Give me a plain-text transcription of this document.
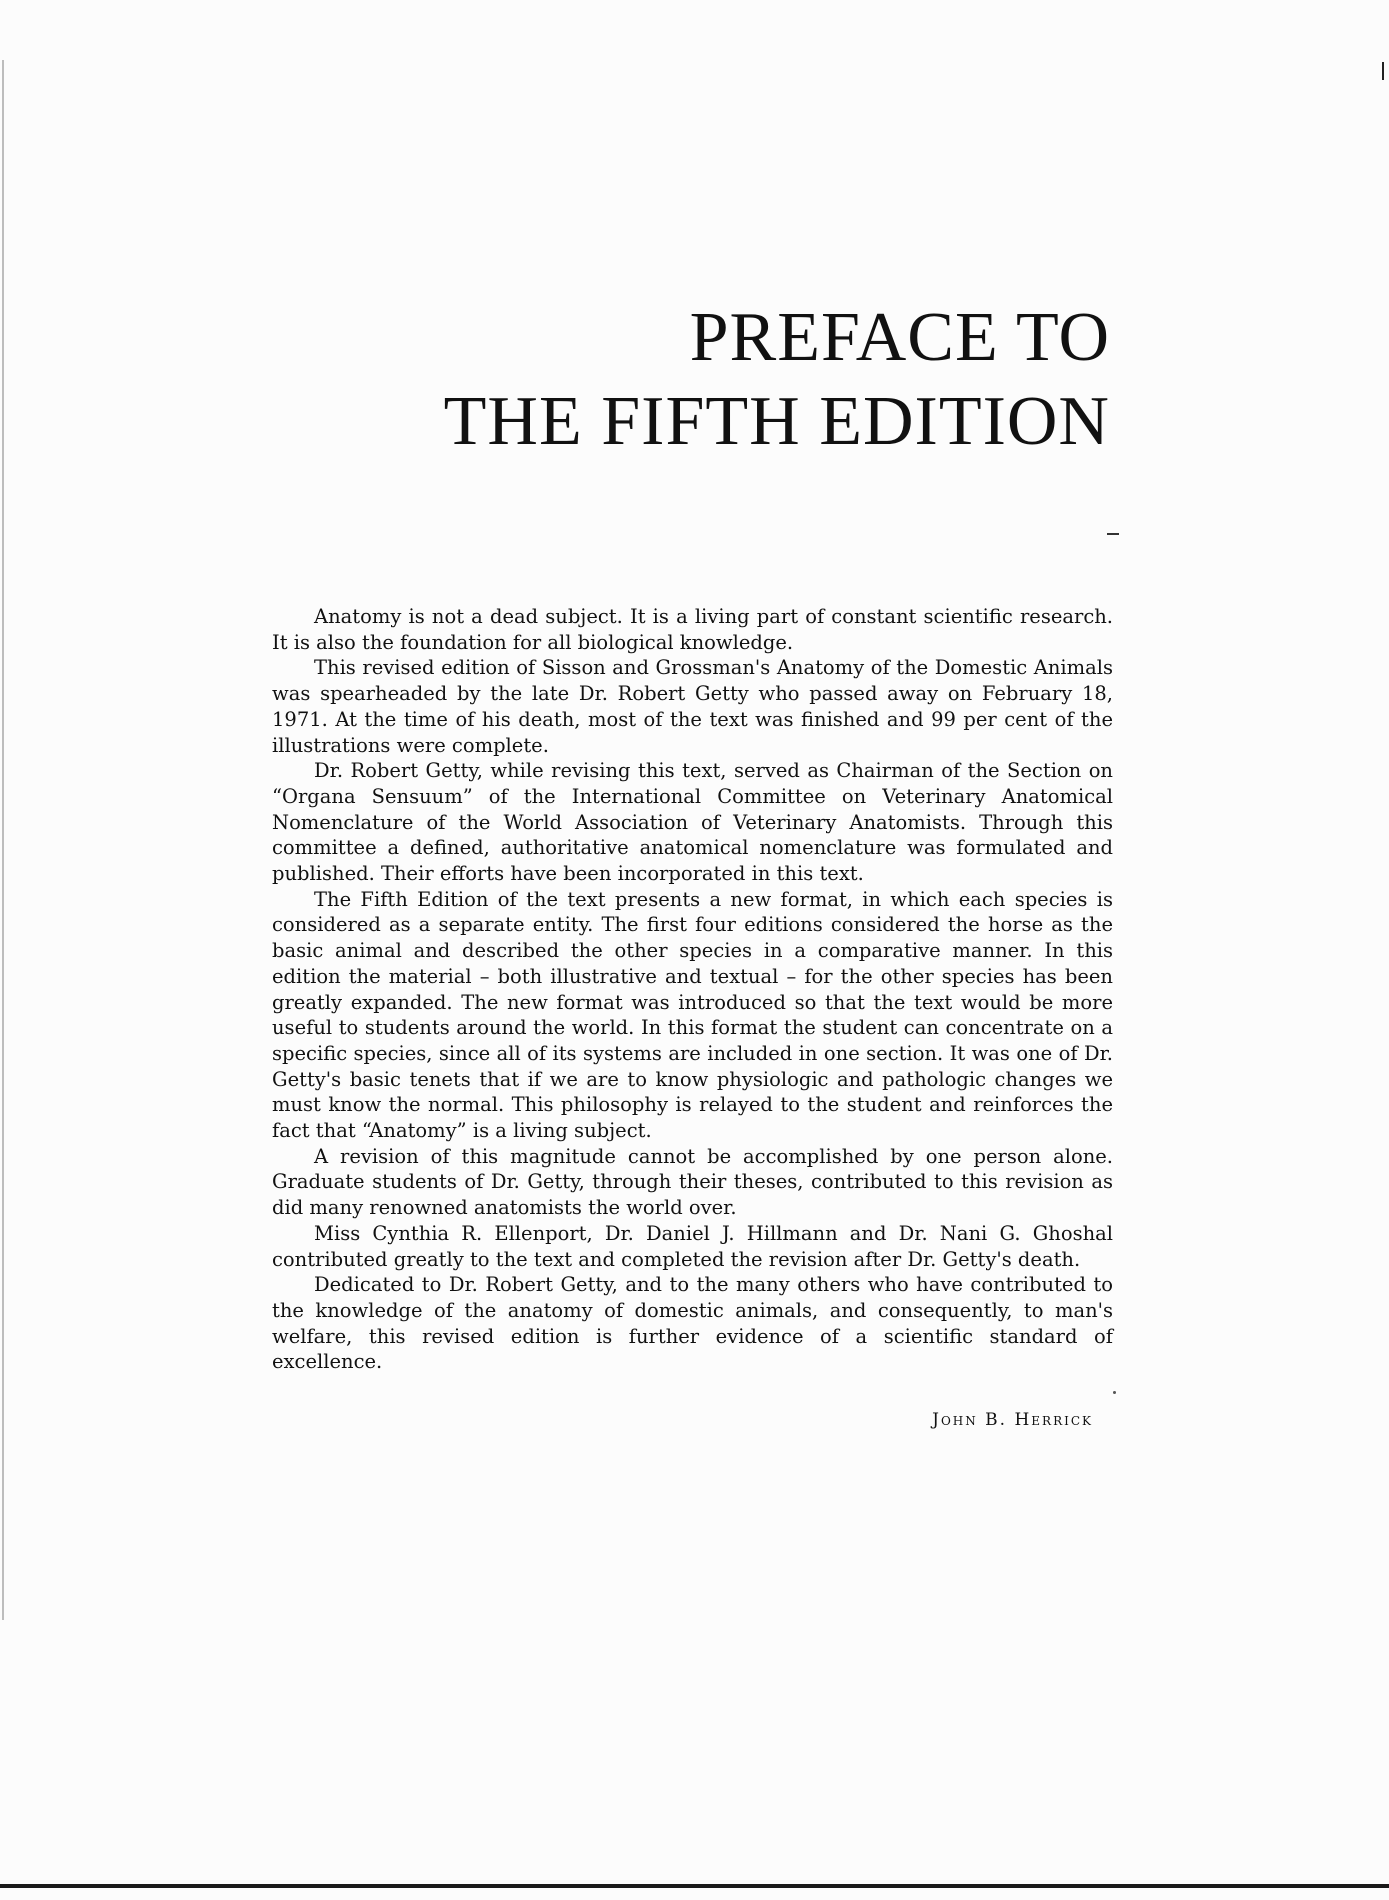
PREFACE TO
THE FIFTH EDITION

Anatomy is not a dead subject. It is a living part of constant scientific research. It is also the foundation for all biological knowledge.

This revised edition of Sisson and Grossman's Anatomy of the Domestic Animals was spearheaded by the late Dr. Robert Getty who passed away on February 18, 1971. At the time of his death, most of the text was finished and 99 per cent of the illustrations were complete.

Dr. Robert Getty, while revising this text, served as Chairman of the Section on “Organa Sensuum” of the International Committee on Veterinary Anatomical Nomenclature of the World Association of Veterinary Anatomists. Through this committee a defined, authoritative anatomical nomenclature was formulated and published. Their efforts have been incorporated in this text.

The Fifth Edition of the text presents a new format, in which each species is considered as a separate entity. The first four editions considered the horse as the basic animal and described the other species in a comparative manner. In this edition the material – both illustrative and textual – for the other species has been greatly expanded. The new format was introduced so that the text would be more useful to students around the world. In this format the student can concentrate on a specific species, since all of its systems are included in one section. It was one of Dr. Getty's basic tenets that if we are to know physiologic and pathologic changes we must know the normal. This philosophy is relayed to the student and reinforces the fact that “Anatomy” is a living subject.

A revision of this magnitude cannot be accomplished by one person alone. Graduate students of Dr. Getty, through their theses, contributed to this revision as did many renowned anatomists the world over.

Miss Cynthia R. Ellenport, Dr. Daniel J. Hillmann and Dr. Nani G. Ghoshal contributed greatly to the text and completed the revision after Dr. Getty's death.

Dedicated to Dr. Robert Getty, and to the many others who have contributed to the knowledge of the anatomy of domestic animals, and consequently, to man's welfare, this revised edition is further evidence of a scientific standard of excellence.

John B. Herrick
